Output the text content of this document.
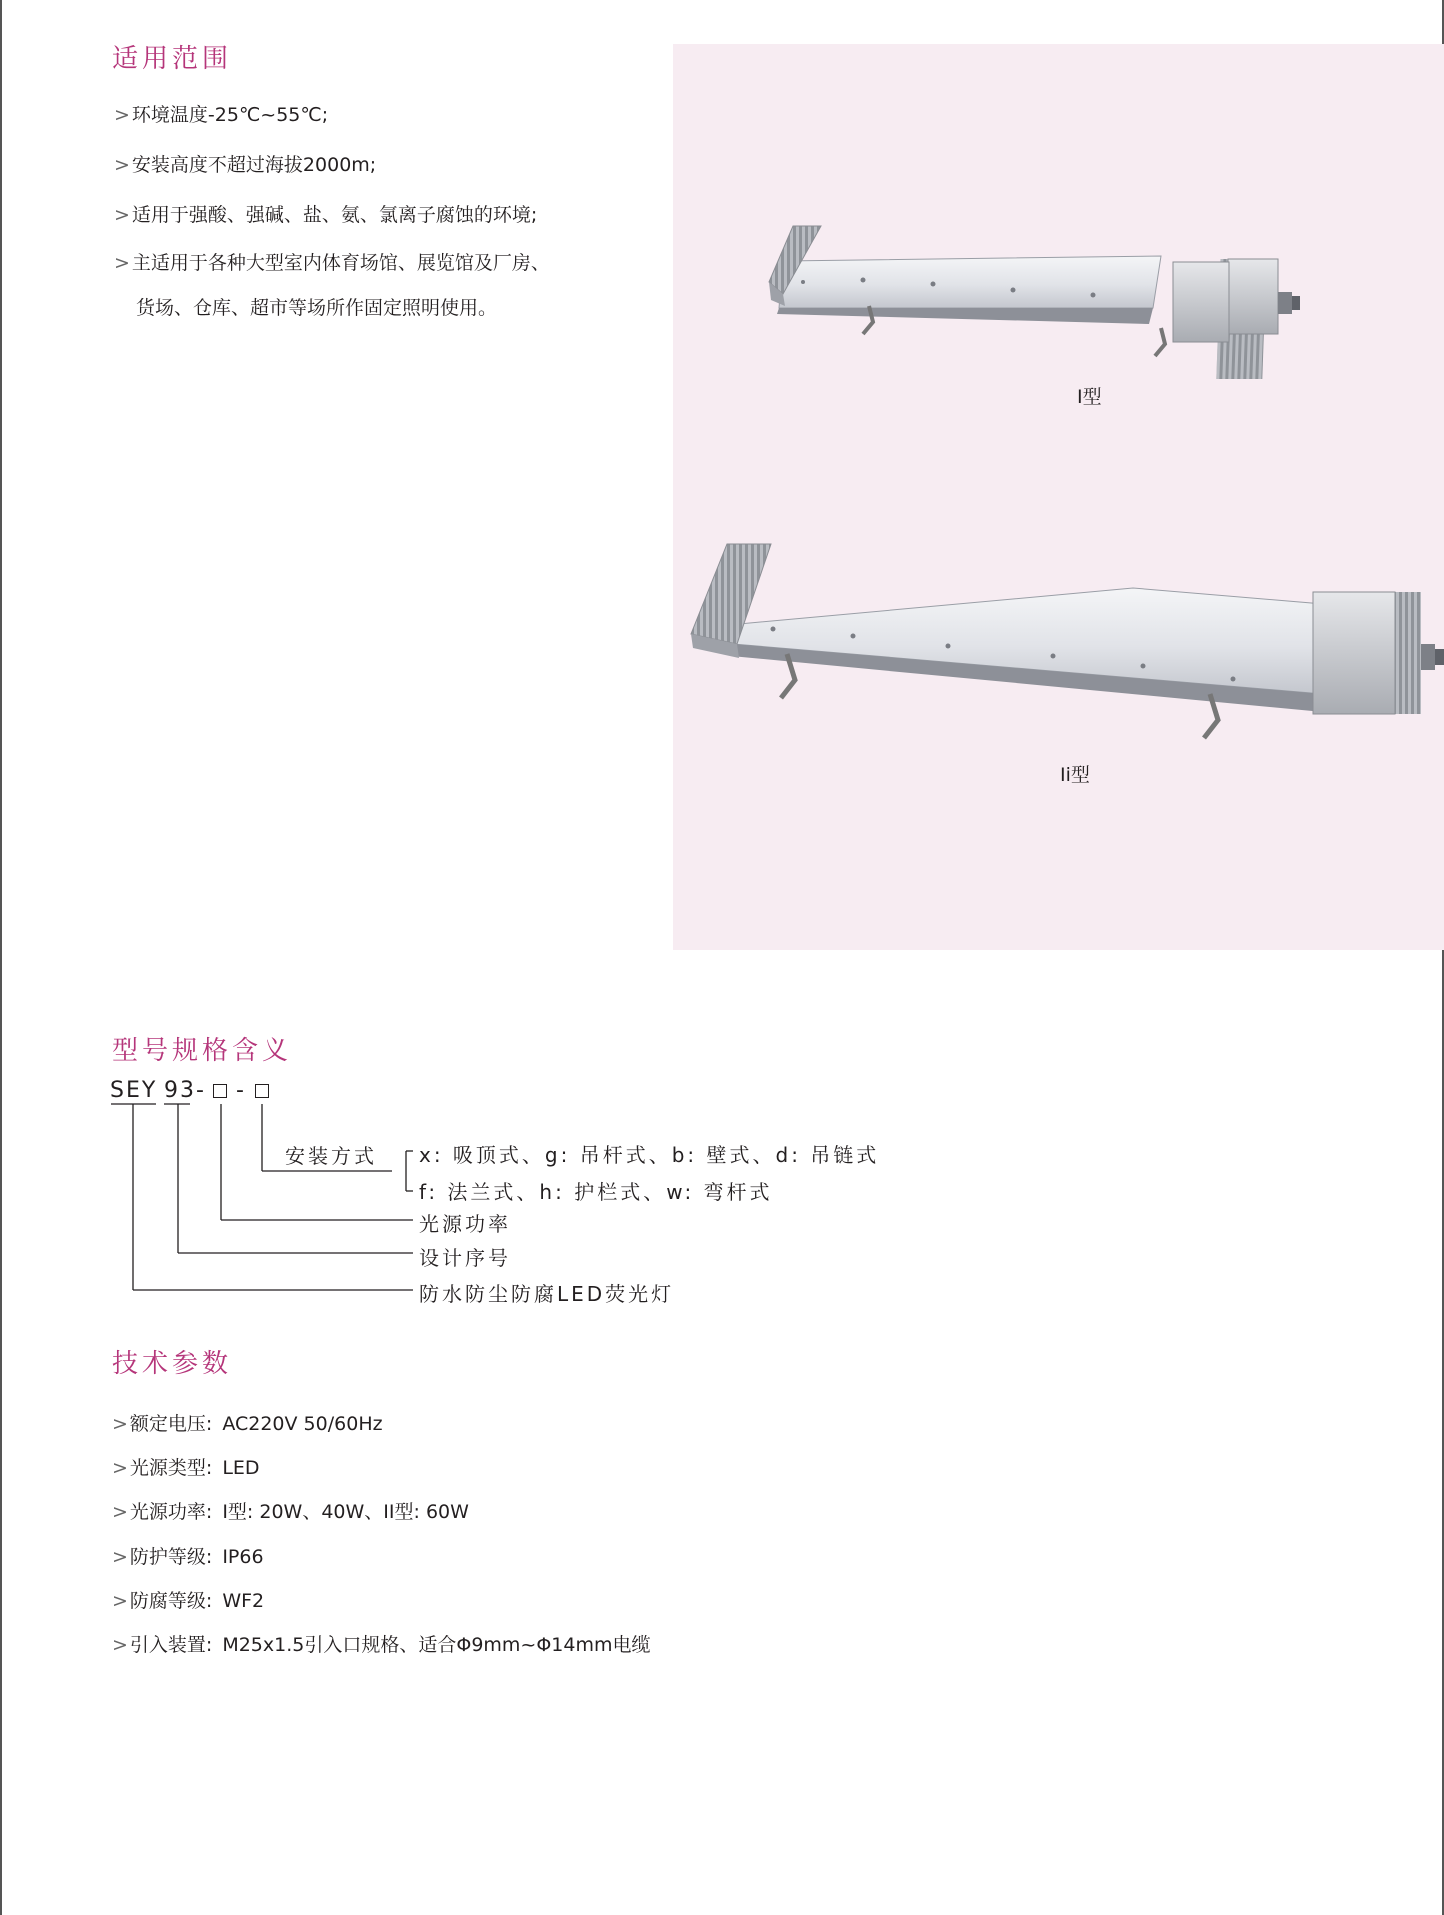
适用范围
> 环境温度-25℃~55℃;
> 安装高度不超过海拔2000m;
> 适用于强酸、强碱、盐、氨、氯离子腐蚀的环境;
> 主适用于各种大型室内体育场馆、展览馆及厂房、
货场、仓库、超市等场所作固定照明使用。
I型
Ii型
型号规格含义
SEY 93 - -
安装方式 x: 吸顶式、g: 吊杆式、b: 壁式、d: 吊链式
f: 法兰式、h: 护栏式、w: 弯杆式
光源功率
设计序号
防水防尘防腐LED荧光灯
技术参数
> 额定电压: AC220V 50/60Hz
> 光源类型: LED
> 光源功率: I型: 20W、40W、II型: 60W
> 防护等级: IP66
> 防腐等级: WF2
> 引入装置: M25x1.5引入口规格、适合Φ9mm~Φ14mm电缆
